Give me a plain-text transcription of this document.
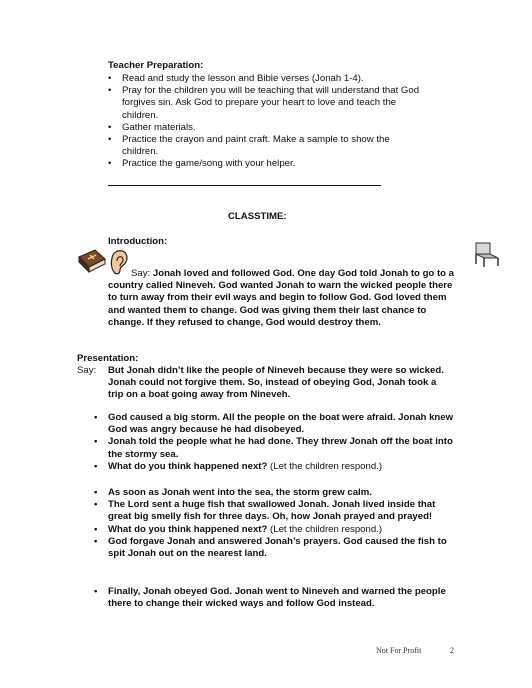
Teacher Preparation:
• Read and study the lesson and Bible verses (Jonah 1-4).
• Pray for the children you will be teaching that will understand that God forgives sin. Ask God to prepare your heart to love and teach the children.
• Gather materials.
• Practice the crayon and paint craft. Make a sample to show the children.
• Practice the game/song with your helper.
CLASSTIME:
Introduction:
Say: Jonah loved and followed God. One day God told Jonah to go to a country called Nineveh. God wanted Jonah to warn the wicked people there to turn away from their evil ways and begin to follow God. God loved them and wanted them to change. God was giving them their last chance to change. If they refused to change, God would destroy them.
Presentation:
Say: But Jonah didn’t like the people of Nineveh because they were so wicked. Jonah could not forgive them. So, instead of obeying God, Jonah took a trip on a boat going away from Nineveh.
• God caused a big storm. All the people on the boat were afraid. Jonah knew God was angry because he had disobeyed.
• Jonah told the people what he had done. They threw Jonah off the boat into the stormy sea.
• What do you think happened next? (Let the children respond.)
• As soon as Jonah went into the sea, the storm grew calm.
• The Lord sent a huge fish that swallowed Jonah. Jonah lived inside that great big smelly fish for three days. Oh, how Jonah prayed and prayed!
• What do you think happened next? (Let the children respond.)
• God forgave Jonah and answered Jonah’s prayers. God caused the fish to spit Jonah out on the nearest land.
• Finally, Jonah obeyed God. Jonah went to Nineveh and warned the people there to change their wicked ways and follow God instead.
Not For Profit	2
